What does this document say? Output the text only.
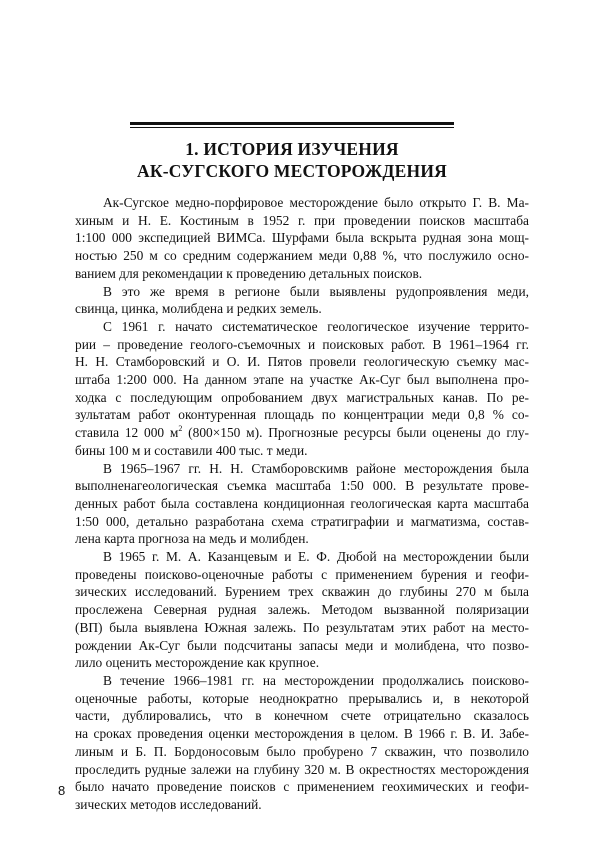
1. ИСТОРИЯ ИЗУЧЕНИЯ
АК-СУГСКОГО МЕСТОРОЖДЕНИЯ
Ак-Сугское медно-порфировое месторождение было открыто Г. В. Ма-
хиным и Н. Е. Костиным в 1952 г. при проведении поисков масштаба
1:100 000 экспедицией ВИМСа. Шурфами была вскрыта рудная зона мощ-
ностью 250 м со средним содержанием меди 0,88 %, что послужило осно-
ванием для рекомендации к проведению детальных поисков.
В это же время в регионе были выявлены рудопроявления меди,
свинца, цинка, молибдена и редких земель.
С 1961 г. начато систематическое геологическое изучение террито-
рии – проведение геолого-съемочных и поисковых работ. В 1961–1964 гг.
Н. Н. Стамборовский и О. И. Пятов провели геологическую съемку мас-
штаба 1:200 000. На данном этапе на участке Ак-Суг был выполнена про-
ходка с последующим опробованием двух магистральных канав. По ре-
зультатам работ оконтуренная площадь по концентрации меди 0,8 % со-
ставила 12 000 $м^2$ (800×150 м). Прогнозные ресурсы были оценены до глу-
бины 100 м и составили 400 тыс. т меди.
В 1965–1967 гг. Н. Н. Стамборовскимв районе месторождения была
выполненагеологическая съемка масштаба 1:50 000. В результате прове-
денных работ была составлена кондиционная геологическая карта масштаба
1:50 000, детально разработана схема стратиграфии и магматизма, состав-
лена карта прогноза на медь и молибден.
В 1965 г. М. А. Казанцевым и Е. Ф. Дюбой на месторождении были
проведены поисково-оценочные работы с применением бурения и геофи-
зических исследований. Бурением трех скважин до глубины 270 м была
прослежена Северная рудная залежь. Методом вызванной поляризации
(ВП) была выявлена Южная залежь. По результатам этих работ на место-
рождении Ак-Суг были подсчитаны запасы меди и молибдена, что позво-
лило оценить месторождение как крупное.
В течение 1966–1981 гг. на месторождении продолжались поисково-
оценочные работы, которые неоднократно прерывались и, в некоторой
части, дублировались, что в конечном счете отрицательно сказалось
на сроках проведения оценки месторождения в целом. В 1966 г. В. И. Забе-
линым и Б. П. Бордоносовым было пробурено 7 скважин, что позволило
проследить рудные залежи на глубину 320 м. В окрестностях месторождения
было начато проведение поисков с применением геохимических и геофи-
зических методов исследований.
8
